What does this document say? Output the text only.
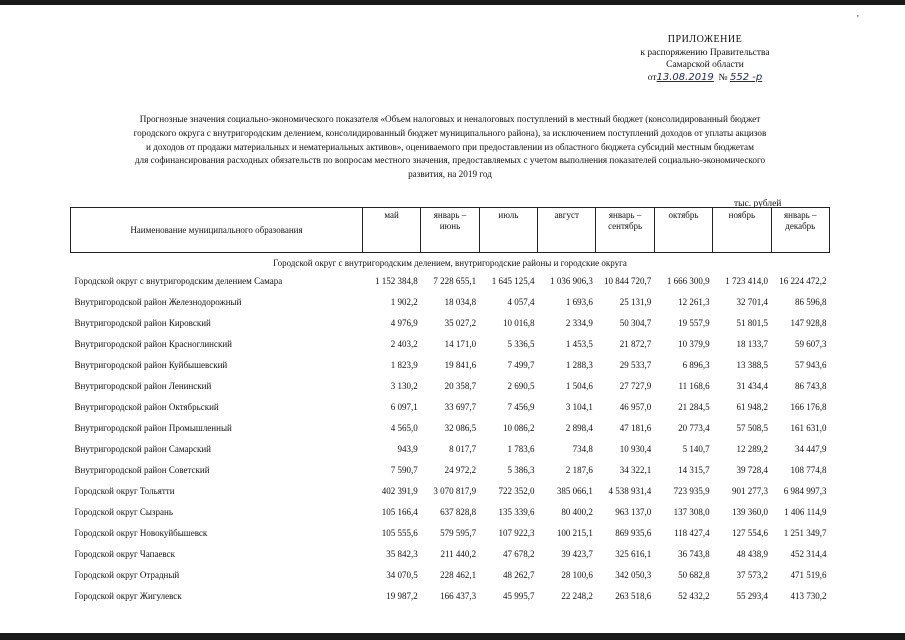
'
ПРИЛОЖЕНИЕ
к распоряжению Правительства
Самарской области
от13.08.2019 № 552 -р
Прогнозные значения социально-экономического показателя «Объем налоговых и неналоговых поступлений в местный бюджет (консолидированный бюджет
городского округа с внутригородским делением, консолидированный бюджет муниципального района), за исключением поступлений доходов от уплаты акцизов
и доходов от продажи материальных и нематериальных активов», оцениваемого при предоставлении из областного бюджета субсидий местным бюджетам
для софинансирования расходных обязательств по вопросам местного значения, предоставляемых с учетом выполнения показателей социально-экономического
развития, на 2019 год
тыс. рублей
Наименование муниципального образования	май	январь – июнь	июль	август	январь – сентябрь	октябрь	ноябрь	январь – декабрь
Городской округ с внутригородским делением, внутригородские районы и городские округа								
Городской округ с внутригородским делением Самара	1 152 384,8	7 228 655,1	1 645 125,4	1 036 906,3	10 844 720,7	1 666 300,9	1 723 414,0	16 224 472,2
Внутригородской район Железнодорожный	1 902,2	18 034,8	4 057,4	1 693,6	25 131,9	12 261,3	32 701,4	86 596,8
Внутригородской район Кировский	4 976,9	35 027,2	10 016,8	2 334,9	50 304,7	19 557,9	51 801,5	147 928,8
Внутригородской район Красноглинский	2 403,2	14 171,0	5 336,5	1 453,5	21 872,7	10 379,9	18 133,7	59 607,3
Внутригородской район Куйбышевский	1 823,9	19 841,6	7 499,7	1 288,3	29 533,7	6 896,3	13 388,5	57 943,6
Внутригородской район Ленинский	3 130,2	20 358,7	2 690,5	1 504,6	27 727,9	11 168,6	31 434,4	86 743,8
Внутригородской район Октябрьский	6 097,1	33 697,7	7 456,9	3 104,1	46 957,0	21 284,5	61 948,2	166 176,8
Внутригородской район Промышленный	4 565,0	32 086,5	10 086,2	2 898,4	47 181,6	20 773,4	57 508,5	161 631,0
Внутригородской район Самарский	943,9	8 017,7	1 783,6	734,8	10 930,4	5 140,7	12 289,2	34 447,9
Внутригородской район Советский	7 590,7	24 972,2	5 386,3	2 187,6	34 322,1	14 315,7	39 728,4	108 774,8
Городской округ Тольятти	402 391,9	3 070 817,9	722 352,0	385 066,1	4 538 931,4	723 935,9	901 277,3	6 984 997,3
Городской округ Сызрань	105 166,4	637 828,8	135 339,6	80 400,2	963 137,0	137 308,0	139 360,0	1 406 114,9
Городской округ Новокуйбышевск	105 555,6	579 595,7	107 922,3	100 215,1	869 935,6	118 427,4	127 554,6	1 251 349,7
Городской округ Чапаевск	35 842,3	211 440,2	47 678,2	39 423,7	325 616,1	36 743,8	48 438,9	452 314,4
Городской округ Отрадный	34 070,5	228 462,1	48 262,7	28 100,6	342 050,3	50 682,8	37 573,2	471 519,6
Городской округ Жигулевск	19 987,2	166 437,3	45 995,7	22 248,2	263 518,6	52 432,2	55 293,4	413 730,2
